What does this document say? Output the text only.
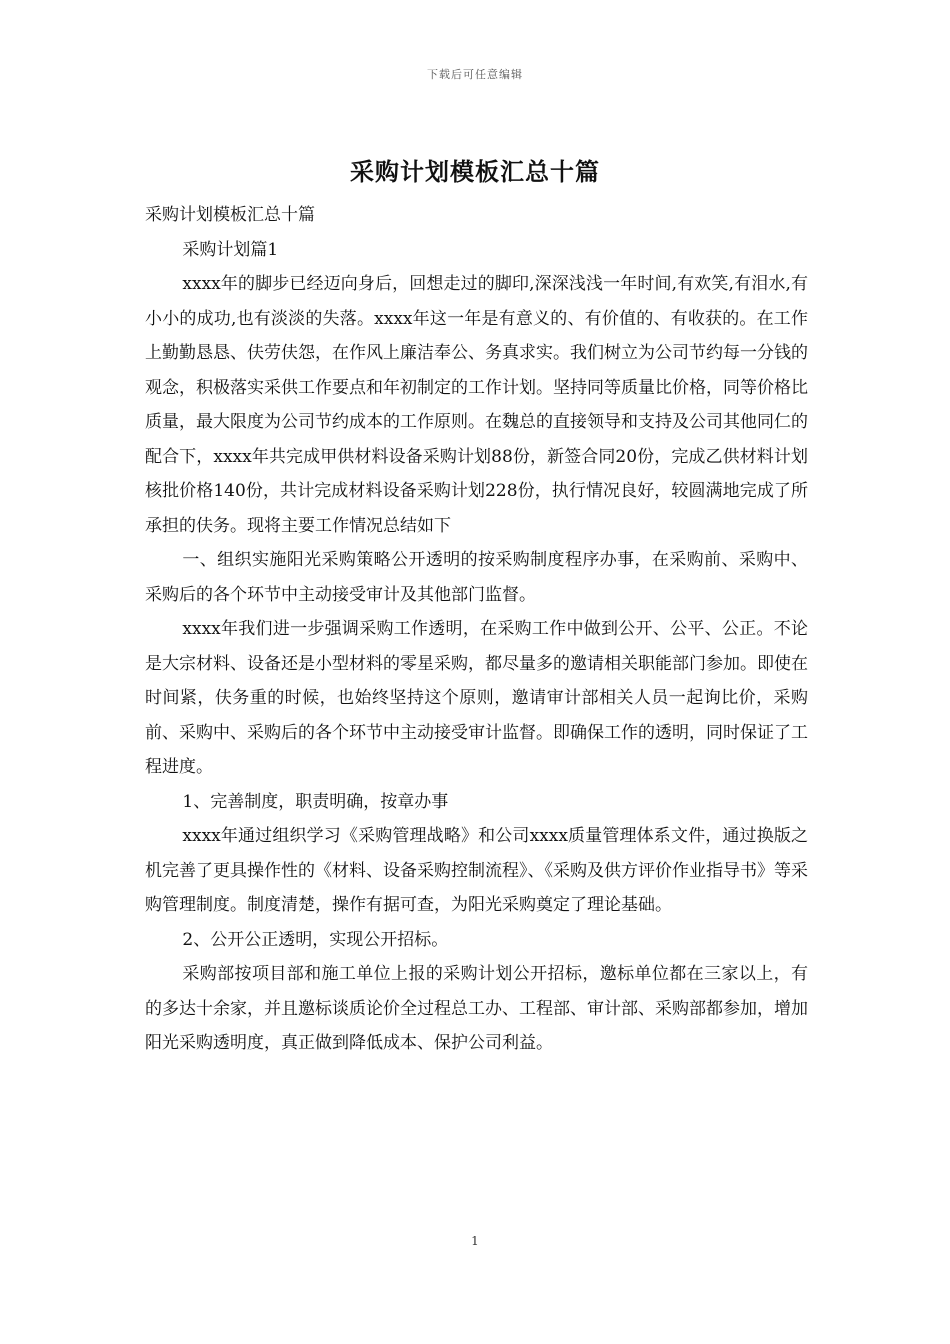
下载后可任意编辑
采购计划模板汇总十篇

采购计划模板汇总十篇

采购计划篇1

xxxx年的脚步已经迈向身后，回想走过的脚印,深深浅浅一年时间,有欢笑,有泪水,有小小的成功,也有淡淡的失落。xxxx年这一年是有意义的、有价值的、有收获的。在工作上勤勤恳恳、伕劳伕怨，在作风上廉洁奉公、务真求实。我们树立为公司节约每一分钱的观念，积极落实采供工作要点和年初制定的工作计划。坚持同等质量比价格，同等价格比质量，最大限度为公司节约成本的工作原则。在魏总的直接领导和支持及公司其他同仁的配合下，xxxx年共完成甲供材料设备采购计划88份，新签合同20份，完成乙供材料计划核批价格140份，共计完成材料设备采购计划228份，执行情况良好，较圆满地完成了所承担的伕务。现将主要工作情况总结如下

一、组织实施阳光采购策略公开透明的按采购制度程序办事，在采购前、采购中、采购后的各个环节中主动接受审计及其他部门监督。

xxxx年我们进一步强调采购工作透明，在采购工作中做到公开、公平、公正。不论是大宗材料、设备还是小型材料的零星采购，都尽量多的邀请相关职能部门参加。即使在时间紧，伕务重的时候，也始终坚持这个原则，邀请审计部相关人员一起询比价，采购前、采购中、采购后的各个环节中主动接受审计监督。即确保工作的透明，同时保证了工程进度。

1、完善制度，职责明确，按章办事

xxxx年通过组织学习《采购管理战略》和公司xxxx质量管理体系文件，通过换版之机完善了更具操作性的《材料、设备采购控制流程》、《采购及供方评价作业指导书》等采购管理制度。制度清楚，操作有据可查，为阳光采购奠定了理论基础。

2、公开公正透明，实现公开招标。

采购部按项目部和施工单位上报的采购计划公开招标，邀标单位都在三家以上，有的多达十余家，并且邀标谈质论价全过程总工办、工程部、审计部、采购部都参加，增加阳光采购透明度，真正做到降低成本、保护公司利益。

1
